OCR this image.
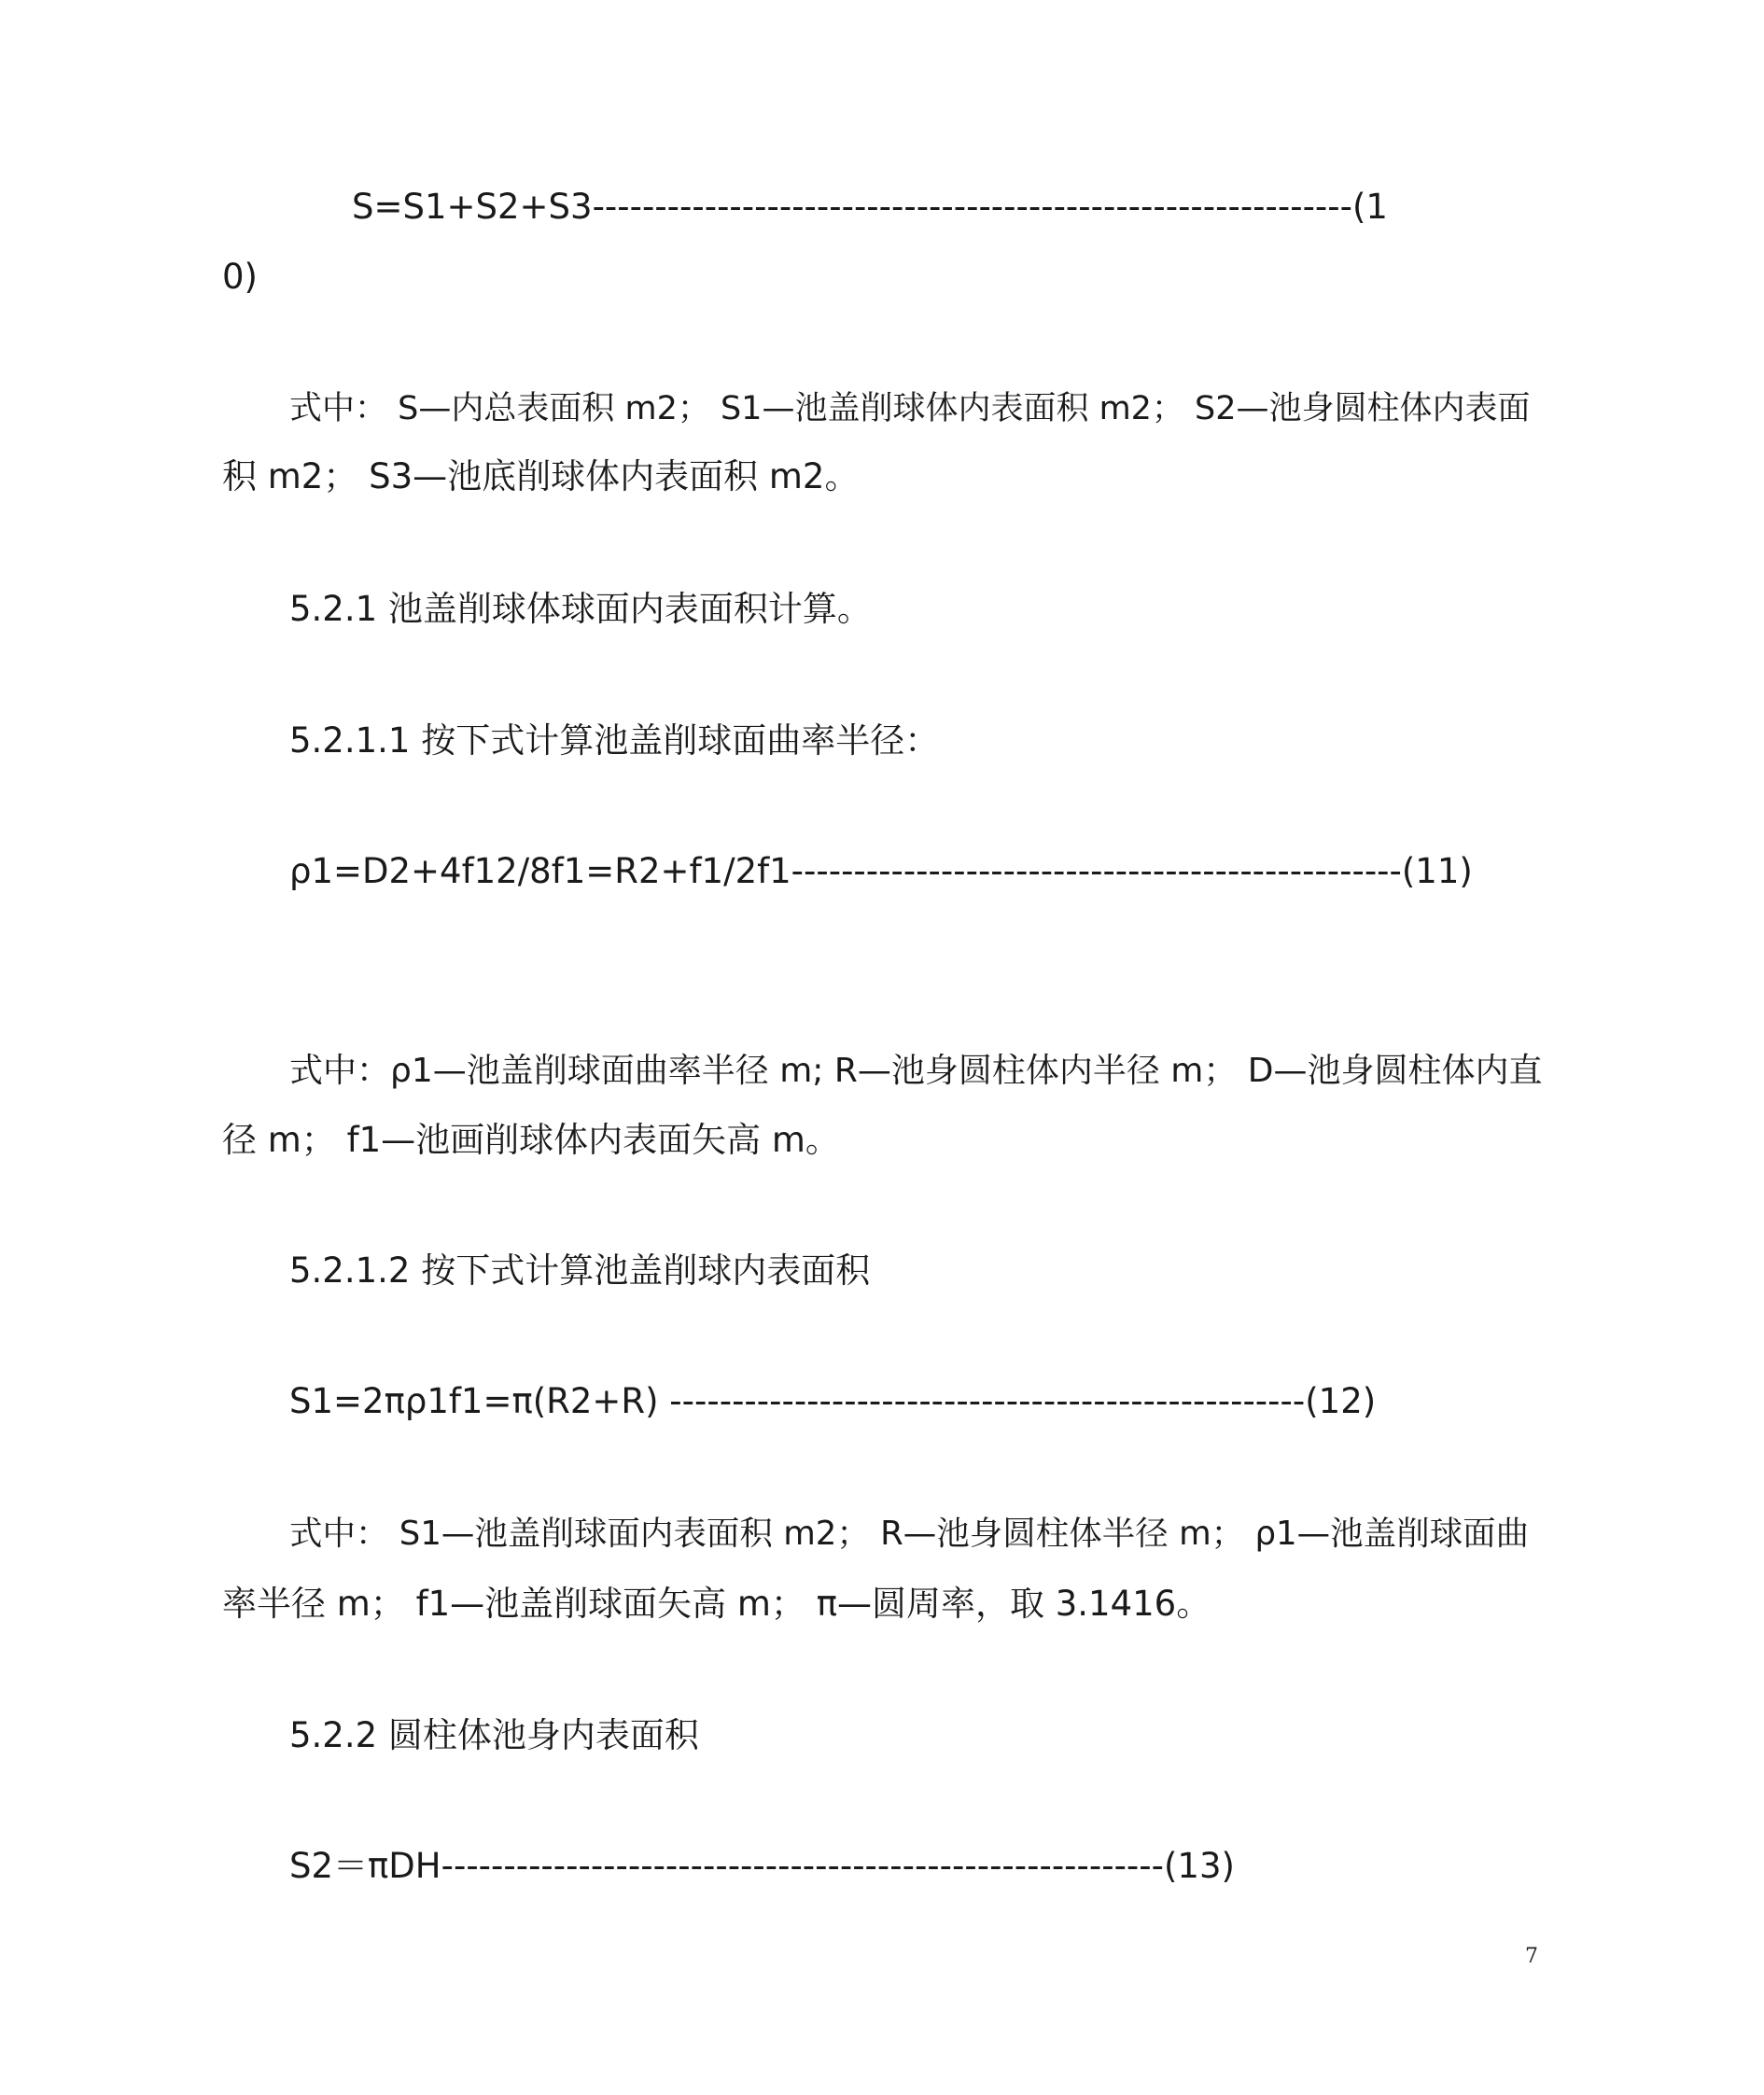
S=S1+S2+S3-------------------------------------------------------------(1
0)
式中： S—内总表面积 m2； S1—池盖削球体内表面积 m2； S2—池身圆柱体内表面
积 m2； S3—池底削球体内表面积 m2。
5.2.1 池盖削球体球面内表面积计算。
5.2.1.1 按下式计算池盖削球面曲率半径：
ρ1=D2+4f12/8f1=R2+f1/2f1-------------------------------------------------(11)
式中：ρ1—池盖削球面曲率半径 m; R—池身圆柱体内半径 m； D—池身圆柱体内直
径 m； f1—池画削球体内表面矢高 m。
5.2.1.2 按下式计算池盖削球内表面积
S1=2πρ1f1=π(R2+R) ---------------------------------------------------(12)
式中： S1—池盖削球面内表面积 m2； R—池身圆柱体半径 m； ρ1—池盖削球面曲
率半径 m； f1—池盖削球面矢高 m； π—圆周率，取 3.1416。
5.2.2 圆柱体池身内表面积
S2＝πDH----------------------------------------------------------(13)
7
